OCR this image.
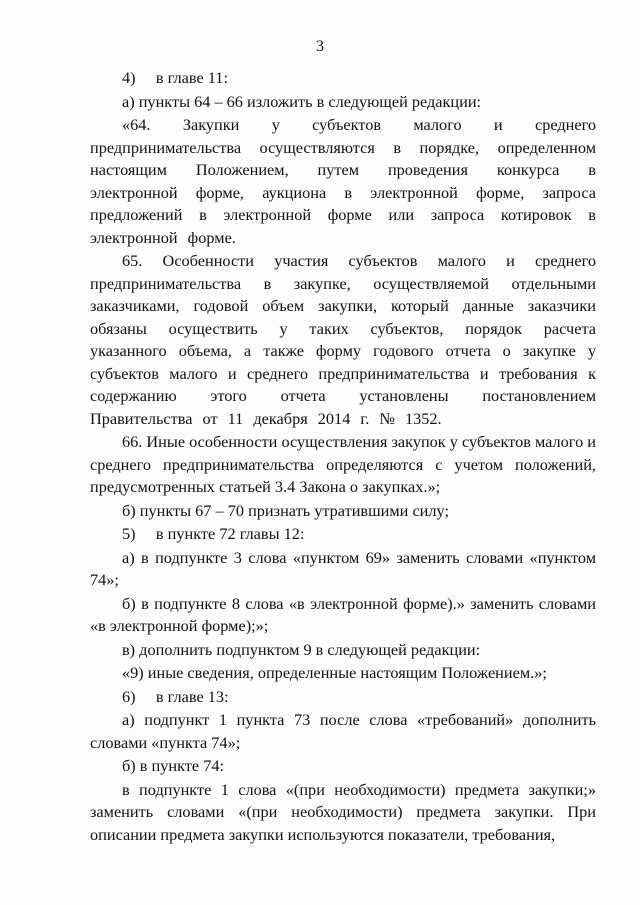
3

4)     в главе 11:

а) пункты 64 – 66 изложить в следующей редакции:

«64. Закупки у субъектов малого и среднего предпринимательства осуществляются в порядке, определенном настоящим Положением, путем проведения конкурса в электронной форме, аукциона в электронной форме, запроса предложений в электронной форме или запроса котировок в электронной форме.

65. Особенности участия субъектов малого и среднего предпринимательства в закупке, осуществляемой отдельными заказчиками, годовой объем закупки, который данные заказчики обязаны осуществить у таких субъектов, порядок расчета указанного объема, а также форму годового отчета о закупке у субъектов малого и среднего предпринимательства и требования к содержанию этого отчета установлены постановлением Правительства от 11 декабря 2014 г. № 1352.

66. Иные особенности осуществления закупок у субъектов малого и среднего предпринимательства определяются с учетом положений, предусмотренных статьей 3.4 Закона о закупках.»;

б) пункты 67 – 70 признать утратившими силу;

5)     в пункте 72 главы 12:

а) в подпункте 3 слова «пунктом 69» заменить словами «пунктом 74»;

б) в подпункте 8 слова «в электронной форме).» заменить словами «в электронной форме);»;

в) дополнить подпунктом 9 в следующей редакции:

«9) иные сведения, определенные настоящим Положением.»;

6)     в главе 13:

а) подпункт 1 пункта 73 после слова «требований» дополнить словами «пункта 74»;

б) в пункте 74:

в подпункте 1 слова «(при необходимости) предмета закупки;» заменить словами «(при необходимости) предмета закупки. При описании предмета закупки используются показатели, требования,
